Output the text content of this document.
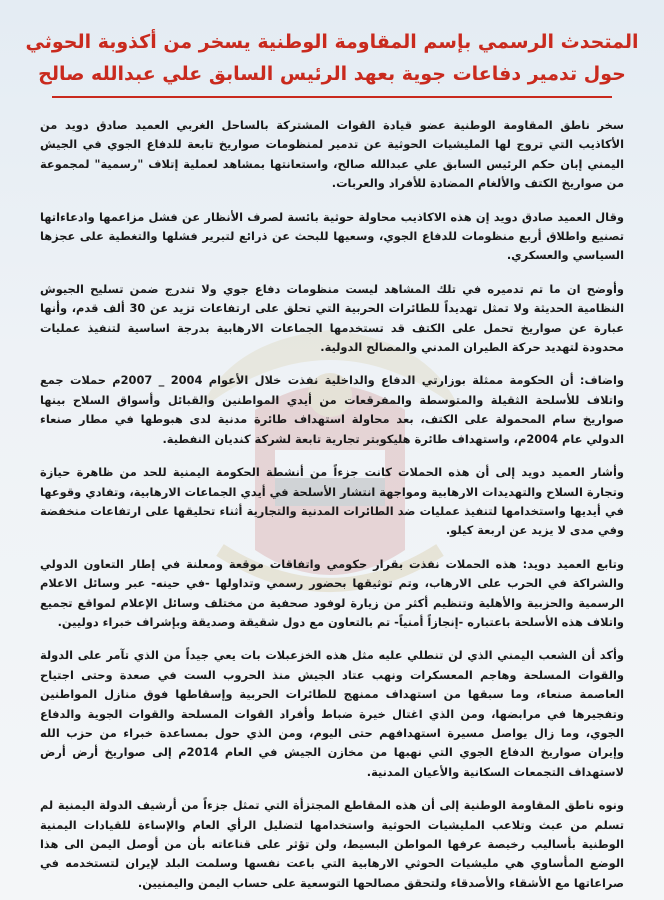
المتحدث الرسمي بإسم المقاومة الوطنية يسخر من أكذوبة الحوثي

حول تدمير دفاعات جوية بعهد الرئيس السابق علي عبدالله صالح

سخر ناطق المقاومة الوطنية عضو قيادة القوات المشتركة بالساحل الغربي العميد صادق دويد من الأكاذيب التي تروج لها المليشيات الحوثية عن تدمير لمنظومات صواريخ تابعة للدفاع الجوي في الجيش اليمني إبان حكم الرئيس السابق علي عبدالله صالح، واستعانتها بمشاهد لعملية إتلاف "رسمية" لمجموعة من صواريخ الكتف والألغام المضادة للأفراد والعربات.

وقال العميد صادق دويد إن هذه الاكاذيب محاولة حوثية بائسة لصرف الأنظار عن فشل مزاعمها وادعاءاتها تصنيع واطلاق أربع منظومات للدفاع الجوي، وسعيها للبحث عن ذرائع لتبرير فشلها والتغطية على عجزها السياسي والعسكري.

وأوضح ان ما تم تدميره في تلك المشاهد ليست منظومات دفاع جوي ولا تندرج ضمن تسليح الجيوش النظامية الحديثة ولا تمثل تهديداً للطائرات الحربية التي تحلق على ارتفاعات تزيد عن 30 ألف قدم، وأنها عبارة عن صواريخ تحمل على الكتف قد تستخدمها الجماعات الارهابية بدرجة اساسية لتنفيذ عمليات محدودة لتهديد حركة الطيران المدني والمصالح الدولية.

واضاف: أن الحكومة ممثلة بوزارتي الدفاع والداخلية نفذت خلال الأعوام 2004 _ 2007م حملات جمع واتلاف للأسلحة الثقيلة والمتوسطة والمفرقعات من أيدي المواطنين والقبائل وأسواق السلاح بينها صواريخ سام المحمولة على الكتف، بعد محاولة استهداف طائرة مدنية لدى هبوطها في مطار صنعاء الدولي عام 2004م، واستهداف طائرة هليكوبتر تجارية تابعة لشركة كنديان النفطية.

وأشار العميد دويد إلى أن هذه الحملات كانت جزءاً من أنشطة الحكومة اليمنية للحد من ظاهرة حيازة وتجارة السلاح والتهديدات الارهابية ومواجهة انتشار الأسلحة في أيدي الجماعات الارهابية، وتفادي وقوعها في أيديها واستخدامها لتنفيذ عمليات ضد الطائرات المدنية والتجارية أثناء تحليقها على ارتفاعات منخفضة وفي مدى لا يزيد عن اربعة كيلو.

وتابع العميد دويد: هذه الحملات نفذت بقرار حكومي واتفاقات موقعة ومعلنة في إطار التعاون الدولي والشراكة في الحرب على الارهاب، وتم توثيقها بحضور رسمي وتداولها -في حينه- عبر وسائل الاعلام الرسمية والحزبية والأهلية وتنظيم أكثر من زيارة لوفود صحفية من مختلف وسائل الإعلام لمواقع تجميع واتلاف هذه الأسلحة باعتباره -إنجازاً أمنياً- تم بالتعاون مع دول شقيقة وصديقة وبإشراف خبراء دوليين.

وأكد أن الشعب اليمني الذي لن تنطلي عليه مثل هذه الخزعبلات بات يعي جيداً من الذي تآمر على الدولة والقوات المسلحة وهاجم المعسكرات ونهب عتاد الجيش منذ الحروب الست في صعدة وحتى اجتياح العاصمة صنعاء، وما سبقها من استهداف ممنهج للطائرات الحربية وإسقاطها فوق منازل المواطنين وتفجيرها في مرابضها، ومن الذي اغتال خيرة ضباط وأفراد القوات المسلحة والقوات الجوية والدفاع الجوي، وما زال يواصل مسيرة استهدافهم حتى اليوم، ومن الذي حول بمساعدة خبراء من حزب الله وإيران صواريخ الدفاع الجوي التي نهبها من مخازن الجيش في العام 2014م إلى صواريخ أرض أرض لاستهداف التجمعات السكانية والأعيان المدنية.

ونوه ناطق المقاومة الوطنية إلى أن هذه المقاطع المجتزأة التي تمثل جزءاً من أرشيف الدولة اليمنية لم تسلم من عبث وتلاعب المليشيات الحوثية واستخدامها لتضليل الرأي العام والإساءة للقيادات اليمنية الوطنية بأساليب رخيصة عرفها المواطن البسيط، ولن تؤثر على قناعاته بأن من أوصل اليمن الى هذا الوضع المأساوي هي مليشيات الحوثي الارهابية التي باعت نفسها وسلمت البلد لإيران لتستخدمه في صراعاتها مع الأشقاء والأصدقاء ولتحقق مصالحها التوسعية على حساب اليمن واليمنيين.
